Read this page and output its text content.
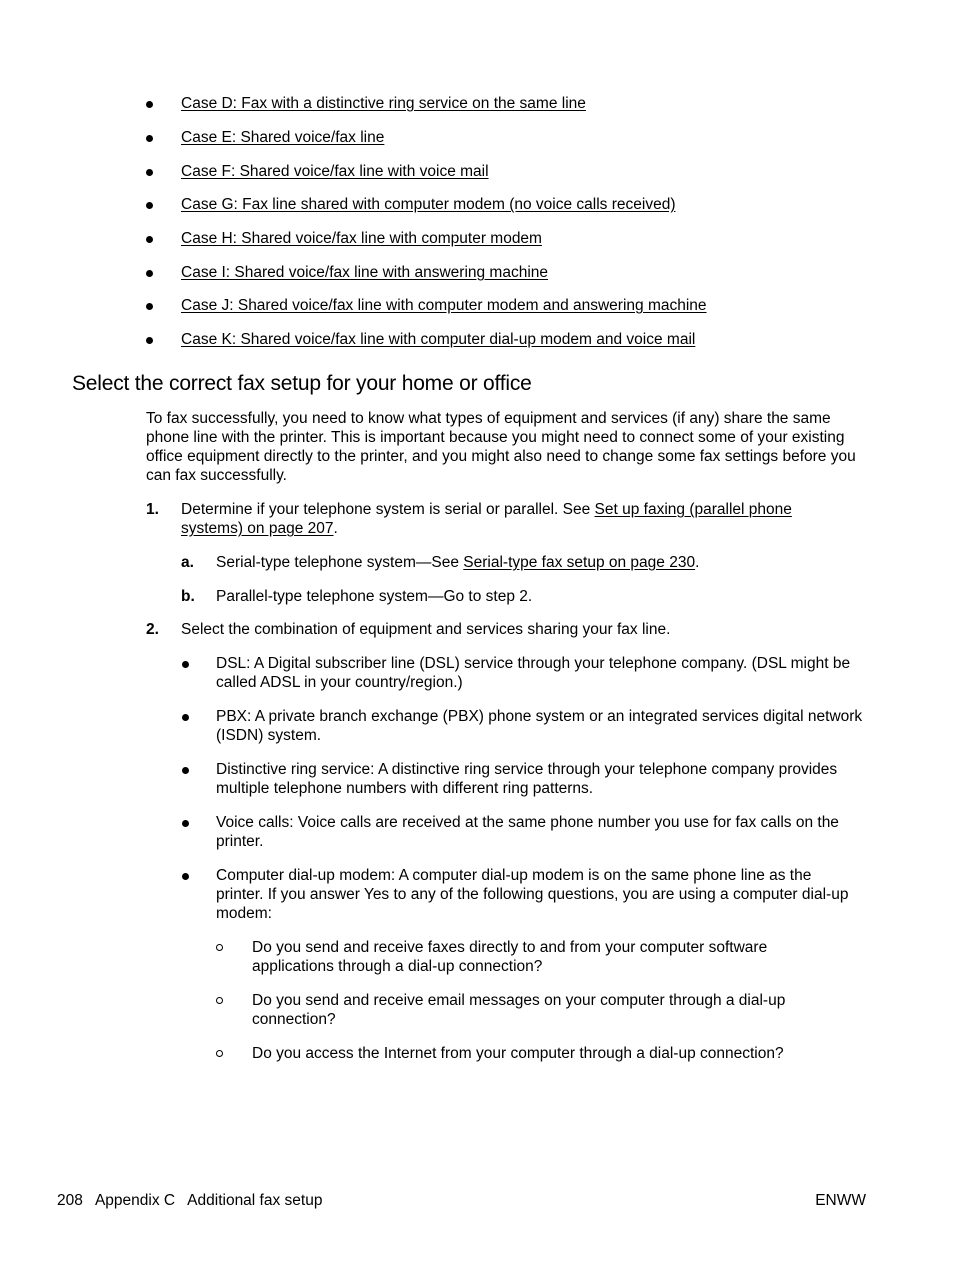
Case D: Fax with a distinctive ring service on the same line
Case E: Shared voice/fax line
Case F: Shared voice/fax line with voice mail
Case G: Fax line shared with computer modem (no voice calls received)
Case H: Shared voice/fax line with computer modem
Case I: Shared voice/fax line with answering machine
Case J: Shared voice/fax line with computer modem and answering machine
Case K: Shared voice/fax line with computer dial-up modem and voice mail
Select the correct fax setup for your home or office

To fax successfully, you need to know what types of equipment and services (if any) share the same phone line with the printer. This is important because you might need to connect some of your existing office equipment directly to the printer, and you might also need to change some fax settings before you can fax successfully.

1. Determine if your telephone system is serial or parallel. See Set up faxing (parallel phone systems) on page 207.

a. Serial-type telephone system—See Serial-type fax setup on page 230.

b. Parallel-type telephone system—Go to step 2.

2. Select the combination of equipment and services sharing your fax line.

DSL: A Digital subscriber line (DSL) service through your telephone company. (DSL might be called ADSL in your country/region.)

PBX: A private branch exchange (PBX) phone system or an integrated services digital network (ISDN) system.

Distinctive ring service: A distinctive ring service through your telephone company provides multiple telephone numbers with different ring patterns.

Voice calls: Voice calls are received at the same phone number you use for fax calls on the printer.

Computer dial-up modem: A computer dial-up modem is on the same phone line as the printer. If you answer Yes to any of the following questions, you are using a computer dial-up modem:

Do you send and receive faxes directly to and from your computer software applications through a dial-up connection?

Do you send and receive email messages on your computer through a dial-up connection?

Do you access the Internet from your computer through a dial-up connection?

208 Appendix C Additional fax setup	ENWW
